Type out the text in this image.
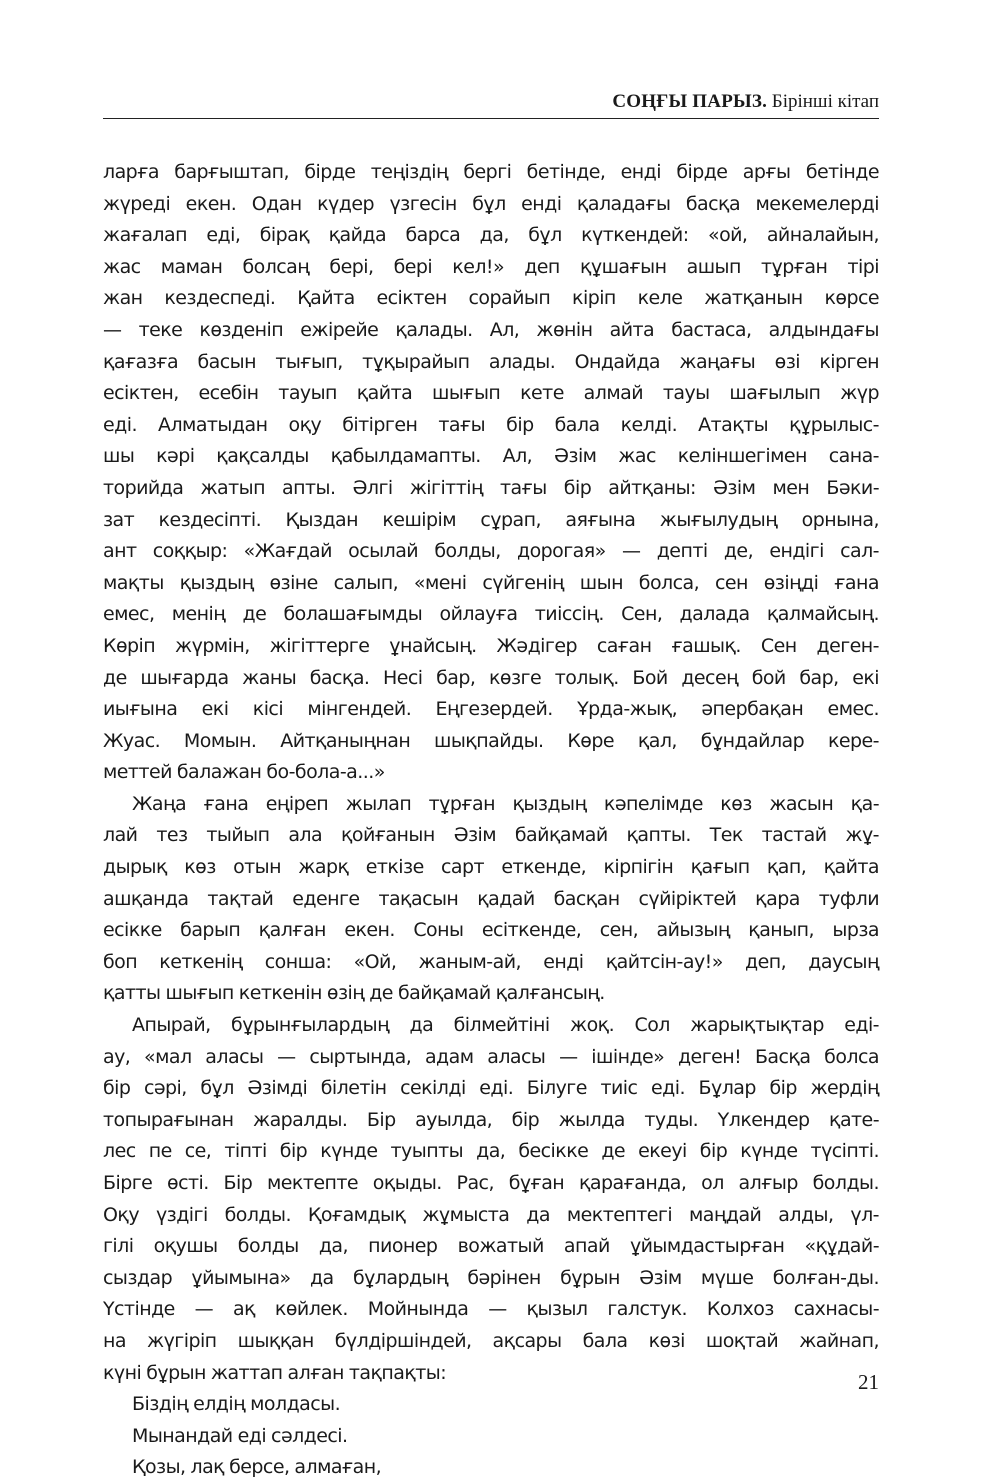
СОҢҒЫ ПАРЫЗ. Бірінші кітап
ларға барғыштап, бірде теңіздің бергі бетінде, енді бірде арғы бетінде
жүреді екен. Одан күдер үзгесін бұл енді қаладағы басқа мекемелерді
жағалап еді, бірақ қайда барса да, бұл күткендей: «ой, айналайын,
жас маман болсаң бері, бері кел!» деп құшағын ашып тұрған тірі
жан кездеспеді. Қайта есіктен сорайып кіріп келе жатқанын көрсе
— теке көзденіп ежірейе қалады. Ал, жөнін айта бастаса, алдындағы
қағазға басын тығып, тұқырайып алады. Ондайда жаңағы өзі кірген
есіктен, есебін тауып қайта шығып кете алмай тауы шағылып жүр
еді. Алматыдан оқу бітірген тағы бір бала келді. Атақты құрылыс-
шы кәрі қақсалды қабылдамапты. Ал, Әзім жас келіншегімен сана-
торийда жатып апты. Әлгі жігіттің тағы бір айтқаны: Әзім мен Бәки-
зат кездесіпті. Қыздан кешірім сұрап, аяғына жығылудың орнына,
ант соққыр: «Жағдай осылай болды, дорогая» — депті де, ендігі сал-
мақты қыздың өзіне салып, «мені сүйгенің шын болса, сен өзіңді ғана
емес, менің де болашағымды ойлауға тиіссің. Сен, далада қалмайсың.
Көріп жүрмін, жігіттерге ұнайсың. Жәдігер саған ғашық. Сен деген-
де шығарда жаны басқа. Несі бар, көзге толық. Бой десең бой бар, екі
иығына екі кісі мінгендей. Еңгезердей. Ұрда-жық, әпербақан емес.
Жуас. Момын. Айтқаныңнан шықпайды. Көре қал, бұндайлар кере-
меттей балажан бо-бола-а...»
Жаңа ғана еңіреп жылап тұрған қыздың кәпелімде көз жасын қа-
лай тез тыйып ала қойғанын Әзім байқамай қапты. Тек тастай жұ-
дырық көз отын жарқ еткізе сарт еткенде, кірпігін қағып қап, қайта
ашқанда тақтай еденге тақасын қадай басқан сүйіріктей қара туфли
есікке барып қалған екен. Соны есіткенде, сен, айызың қанып, ырза
боп кеткенің сонша: «Ой, жаным-ай, енді қайтсін-ау!» деп, даусың
қатты шығып кеткенін өзің де байқамай қалғансың.
Апырай, бұрынғылардың да білмейтіні жоқ. Сол жарықтықтар еді-
ау, «мал аласы — сыртында, адам аласы — ішінде» деген! Басқа болса
бір сәрі, бұл Әзімді білетін секілді еді. Білуге тиіс еді. Бұлар бір жердің
топырағынан жаралды. Бір ауылда, бір жылда туды. Үлкендер қате-
лес пе се, тіпті бір күнде туыпты да, бесікке де екеуі бір күнде түсіпті.
Бірге өсті. Бір мектепте оқыды. Рас, бұған қарағанда, ол алғыр болды.
Оқу үздігі болды. Қоғамдық жұмыста да мектептегі маңдай алды, үл-
гілі оқушы болды да, пионер вожатый апай ұйымдастырған «құдай-
сыздар ұйымына» да бұлардың бәрінен бұрын Әзім мүше болған-ды.
Үстінде — ақ көйлек. Мойнында — қызыл галстук. Колхоз сахнасы-
на жүгіріп шыққан бүлдіршіндей, ақсары бала көзі шоқтай жайнап,
күні бұрын жаттап алған тақпақты:
Біздің елдің молдасы.
Мынандай еді сәлдесі.
Қозы, лақ берсе, алмаған,
21
